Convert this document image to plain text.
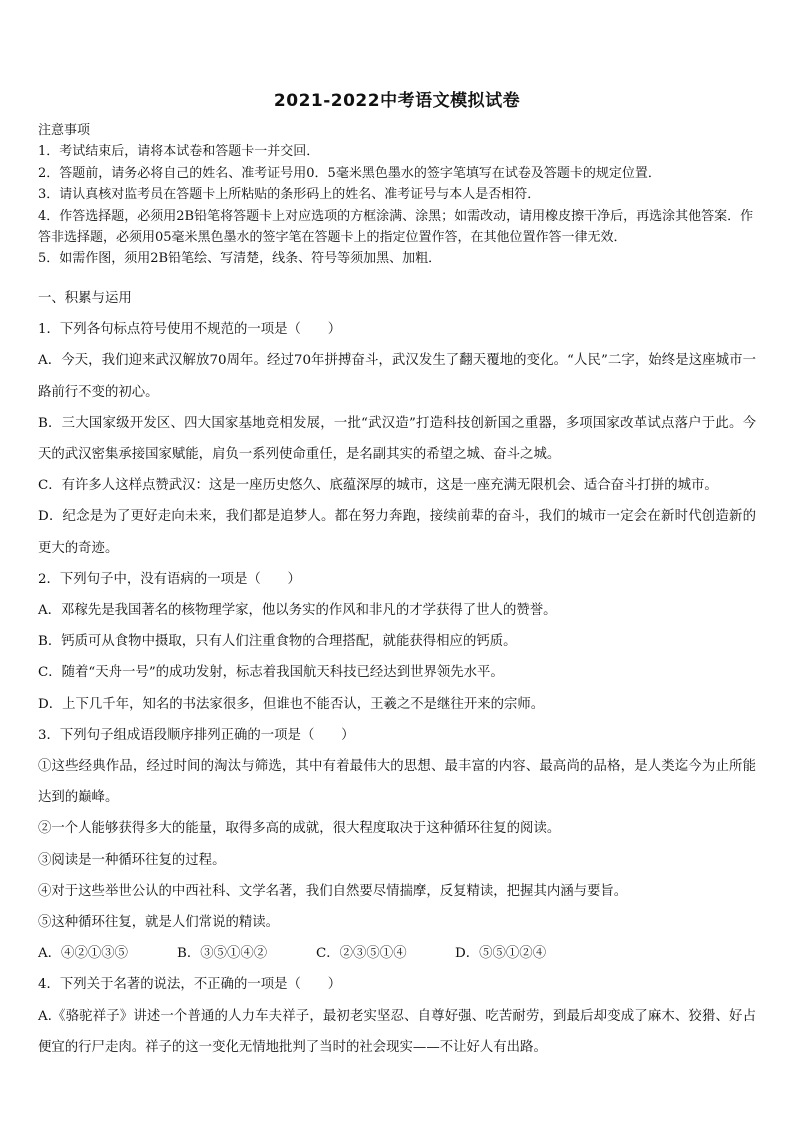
2021-2022中考语文模拟试卷
注意事项
1．考试结束后，请将本试卷和答题卡一并交回．
2．答题前，请务必将自己的姓名、准考证号用0．5毫米黑色墨水的签字笔填写在试卷及答题卡的规定位置．
3．请认真核对监考员在答题卡上所粘贴的条形码上的姓名、准考证号与本人是否相符．
4．作答选择题，必须用2B铅笔将答题卡上对应选项的方框涂满、涂黑；如需改动，请用橡皮擦干净后，再选涂其他答案．作答非选择题，必须用05毫米黑色墨水的签字笔在答题卡上的指定位置作答，在其他位置作答一律无效．
5．如需作图，须用2B铅笔绘、写清楚，线条、符号等须加黑、加粗．
一、积累与运用
1．下列各句标点符号使用不规范的一项是（　　）
A．今天，我们迎来武汉解放70周年。经过70年拼搏奋斗，武汉发生了翻天覆地的变化。“人民”二字，始终是这座城市一路前行不变的初心。
B．三大国家级开发区、四大国家基地竞相发展，一批“武汉造”打造科技创新国之重器，多项国家改革试点落户于此。今天的武汉密集承接国家赋能，肩负一系列使命重任，是名副其实的希望之城、奋斗之城。
C．有许多人这样点赞武汉：这是一座历史悠久、底蕴深厚的城市，这是一座充满无限机会、适合奋斗打拼的城市。
D．纪念是为了更好走向未来，我们都是追梦人。都在努力奔跑，接续前辈的奋斗，我们的城市一定会在新时代创造新的更大的奇迹。
2．下列句子中，没有语病的一项是（　　）
A．邓稼先是我国著名的核物理学家，他以务实的作风和非凡的才学获得了世人的赞誉。
B．钙质可从食物中摄取，只有人们注重食物的合理搭配，就能获得相应的钙质。
C．随着“天舟一号”的成功发射，标志着我国航天科技已经达到世界领先水平。
D．上下几千年，知名的书法家很多，但谁也不能否认，王羲之不是继往开来的宗师。
3．下列句子组成语段顺序排列正确的一项是（　　）
①这些经典作品，经过时间的淘汰与筛选，其中有着最伟大的思想、最丰富的内容、最高尚的品格，是人类迄今为止所能达到的巅峰。
②一个人能够获得多大的能量，取得多高的成就，很大程度取决于这种循环往复的阅读。
③阅读是一种循环往复的过程。
④对于这些举世公认的中西社科、文学名著，我们自然要尽情揣摩，反复精读，把握其内涵与要旨。
⑤这种循环往复，就是人们常说的精读。
A．④②①③⑤	B．③⑤①④②	C．②③⑤①④	D．⑤⑤①②④
4．下列关于名著的说法，不正确的一项是（　　）
A.《骆驼祥子》讲述一个普通的人力车夫祥子，最初老实坚忍、自尊好强、吃苦耐劳，到最后却变成了麻木、狡猾、好占便宜的行尸走肉。祥子的这一变化无情地批判了当时的社会现实——不让好人有出路。
